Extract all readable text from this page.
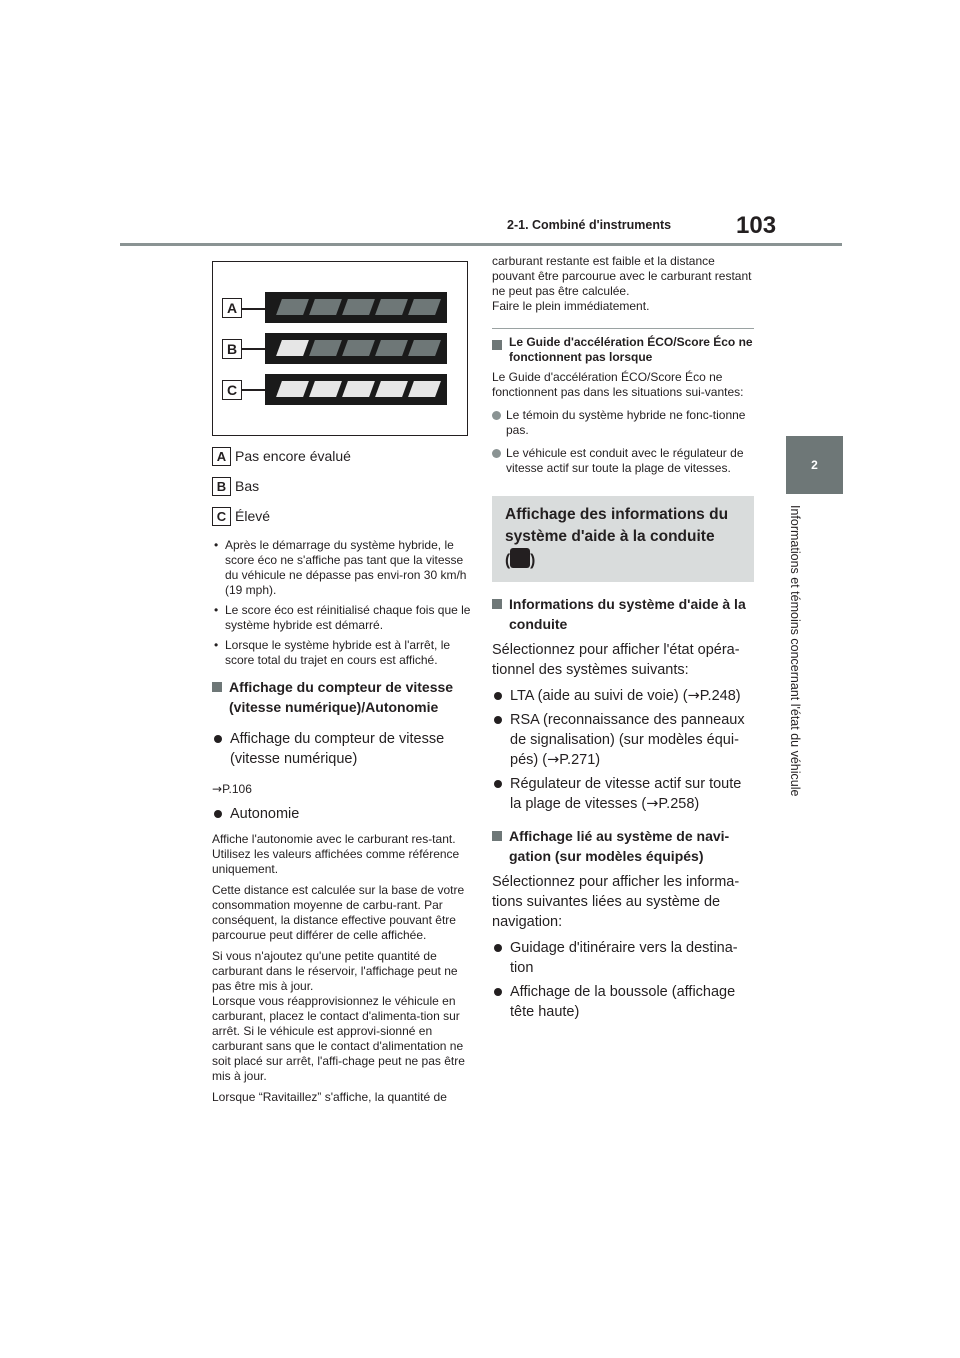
2-1. Combiné d'instruments	103
2
Informations et témoins concernant l'état du véhicule
A
B
C
A Pas encore évalué
B Bas
C Élevé
• Après le démarrage du système hybride, le score éco ne s'affiche pas tant que la vitesse du véhicule ne dépasse pas envi-ron 30 km/h (19 mph).
• Le score éco est réinitialisé chaque fois que le système hybride est démarré.
• Lorsque le système hybride est à l'arrêt, le score total du trajet en cours est affiché.
Affichage du compteur de vitesse (vitesse numérique)/Autonomie
Affichage du compteur de vitesse (vitesse numérique)

→P.106

Autonomie

Affiche l'autonomie avec le carburant res-tant. Utilisez les valeurs affichées comme référence uniquement.

Cette distance est calculée sur la base de votre consommation moyenne de carbu-rant. Par conséquent, la distance effective pouvant être parcourue peut différer de celle affichée.

Si vous n'ajoutez qu'une petite quantité de carburant dans le réservoir, l'affichage peut ne pas être mis à jour.
Lorsque vous réapprovisionnez le véhicule en carburant, placez le contact d'alimenta-tion sur arrêt. Si le véhicule est approvi-sionné en carburant sans que le contact d'alimentation ne soit placé sur arrêt, l'affi-chage peut ne pas être mis à jour.

Lorsque “Ravitaillez” s'affiche, la quantité de

carburant restante est faible et la distance pouvant être parcourue avec le carburant restant ne peut pas être calculée.
Faire le plein immédiatement.

Le Guide d'accélération ÉCO/Score Éco ne fonctionnent pas lorsque

Le Guide d'accélération ÉCO/Score Éco ne fonctionnent pas dans les situations sui-vantes:

Le témoin du système hybride ne fonc-tionne pas.
Le véhicule est conduit avec le régulateur de vitesse actif sur toute la plage de vitesses.
Affichage des informations du système d'aide à la conduite
( )
Informations du système d'aide à la conduite

Sélectionnez pour afficher l'état opéra-tionnel des systèmes suivants:

LTA (aide au suivi de voie) (→P.248)
RSA (reconnaissance des panneaux de signalisation) (sur modèles équi-pés) (→P.271)
Régulateur de vitesse actif sur toute la plage de vitesses (→P.258)
Affichage lié au système de navi-gation (sur modèles équipés)

Sélectionnez pour afficher les informa-tions suivantes liées au système de navigation:

Guidage d'itinéraire vers la destina-tion
Affichage de la boussole (affichage tête haute)
